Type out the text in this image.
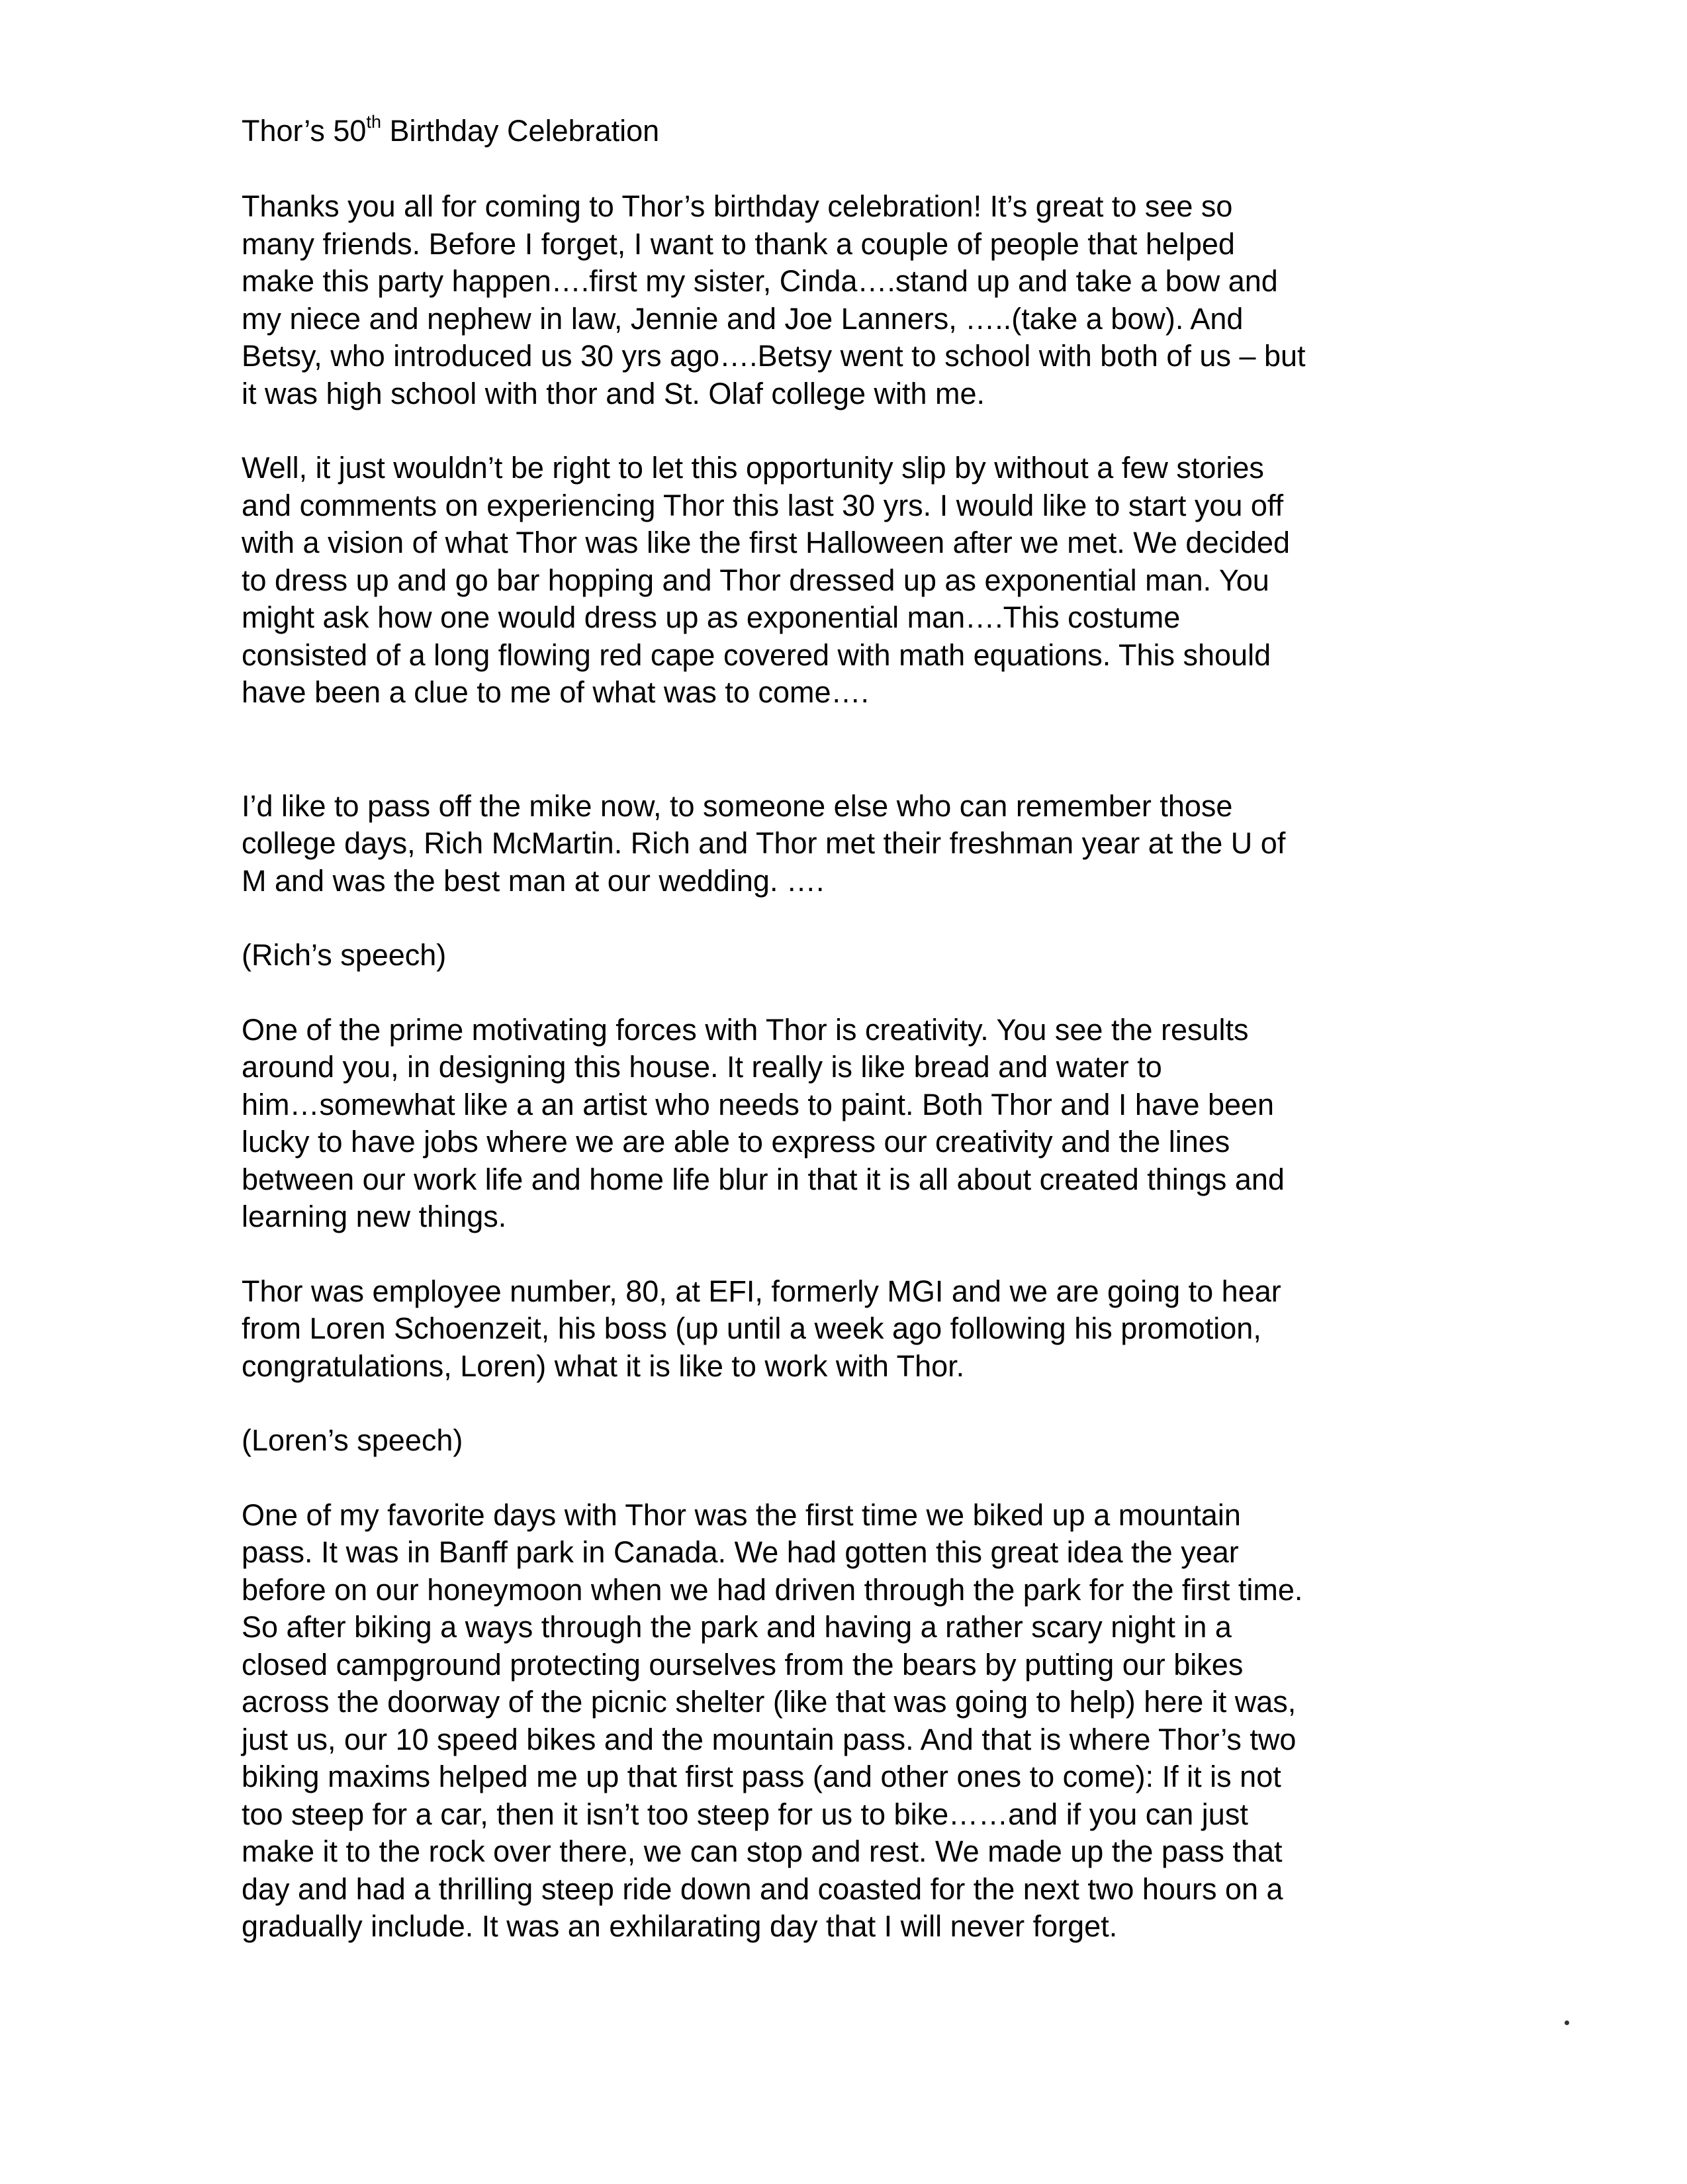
Thor’s 50th Birthday Celebration
Thanks you all for coming to Thor’s birthday celebration! It’s great to see so
many friends. Before I forget, I want to thank a couple of people that helped
make this party happen….first my sister, Cinda….stand up and take a bow and
my niece and nephew in law, Jennie and Joe Lanners, …..(take a bow). And
Betsy, who introduced us 30 yrs ago….Betsy went to school with both of us – but
it was high school with thor and St. Olaf college with me.
Well, it just wouldn’t be right to let this opportunity slip by without a few stories
and comments on experiencing Thor this last 30 yrs. I would like to start you off
with a vision of what Thor was like the first Halloween after we met. We decided
to dress up and go bar hopping and Thor dressed up as exponential man. You
might ask how one would dress up as exponential man….This costume
consisted of a long flowing red cape covered with math equations. This should
have been a clue to me of what was to come….
I’d like to pass off the mike now, to someone else who can remember those
college days, Rich McMartin. Rich and Thor met their freshman year at the U of
M and was the best man at our wedding. ….
(Rich’s speech)
One of the prime motivating forces with Thor is creativity. You see the results
around you, in designing this house. It really is like bread and water to
him…somewhat like a an artist who needs to paint. Both Thor and I have been
lucky to have jobs where we are able to express our creativity and the lines
between our work life and home life blur in that it is all about created things and
learning new things.
Thor was employee number, 80, at EFI, formerly MGI and we are going to hear
from Loren Schoenzeit, his boss (up until a week ago following his promotion,
congratulations, Loren) what it is like to work with Thor.
(Loren’s speech)
One of my favorite days with Thor was the first time we biked up a mountain
pass. It was in Banff park in Canada. We had gotten this great idea the year
before on our honeymoon when we had driven through the park for the first time.
So after biking a ways through the park and having a rather scary night in a
closed campground protecting ourselves from the bears by putting our bikes
across the doorway of the picnic shelter (like that was going to help) here it was,
just us, our 10 speed bikes and the mountain pass. And that is where Thor’s two
biking maxims helped me up that first pass (and other ones to come): If it is not
too steep for a car, then it isn’t too steep for us to bike……and if you can just
make it to the rock over there, we can stop and rest. We made up the pass that
day and had a thrilling steep ride down and coasted for the next two hours on a
gradually include. It was an exhilarating day that I will never forget.
